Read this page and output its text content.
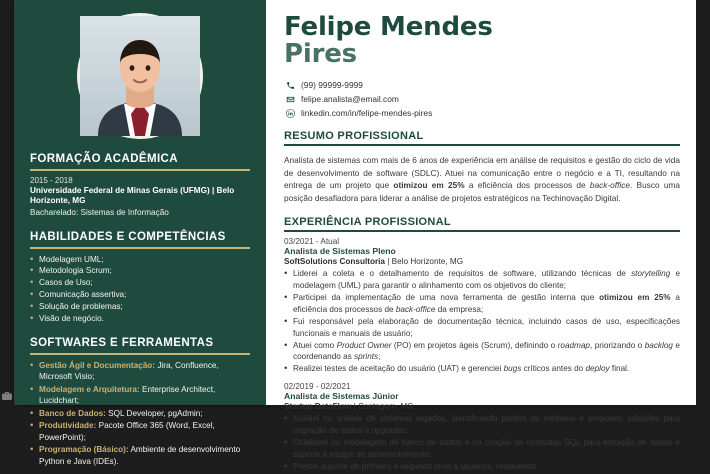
FORMAÇÃO ACADÊMICA
2015 - 2018
Universidade Federal de Minas Gerais (UFMG) | Belo Horizonte, MG
Bacharelado: Sistemas de Informação
HABILIDADES E COMPETÊNCIAS
• Modelagem UML;
• Metodologia Scrum;
• Casos de Uso;
• Comunicação assertiva;
• Solução de problemas;
• Visão de negócio.
SOFTWARES E FERRAMENTAS
• Gestão Ágil e Documentação: Jira, Confluence, Microsoft Visio;
• Modelagem e Arquitetura: Enterprise Architect, Lucidchart;
• Banco de Dados: SQL Developer, pgAdmin;
• Produtividade: Pacote Office 365 (Word, Excel, PowerPoint);
• Programação (Básico): Ambiente de desenvolvimento Python e Java (IDEs).
Felipe Mendes
Pires
(99) 99999-9999
felipe.analista@email.com
linkedin.com/in/felipe-mendes-pires
RESUMO PROFISSIONAL

Analista de sistemas com mais de 6 anos de experiência em análise de requisitos e gestão do ciclo de vida de desenvolvimento de software (SDLC). Atuei na comunicação entre o negócio e a TI, resultando na entrega de um projeto que otimizou em 25% a eficiência dos processos de back-office. Busco uma posição desafiadora para liderar a análise de projetos estratégicos na Techinovação Digital.

EXPERIÊNCIA PROFISSIONAL
03/2021 - Atual
Analista de Sistemas Pleno
SoftSolutions Consultoria | Belo Horizonte, MG
• Liderei a coleta e o detalhamento de requisitos de software, utilizando técnicas de storytelling e modelagem (UML) para garantir o alinhamento com os objetivos do cliente;
• Participei da implementação de uma nova ferramenta de gestão interna que otimizou em 25% a eficiência dos processos de back-office da empresa;
• Fui responsável pela elaboração de documentação técnica, incluindo casos de uso, especificações funcionais e manuais de usuário;
• Atuei como Product Owner (PO) em projetos ágeis (Scrum), definindo o roadmap, priorizando o backlog e coordenando as sprints;
• Realizei testes de aceitação do usuário (UAT) e gerenciei bugs críticos antes do deploy final.
02/2019 - 02/2021
Analista de Sistemas Júnior
Startup DataFlow | Contagem, MG
• Auxiliei na análise de sistemas legados, identificando pontos de melhoria e propondo soluções para migração de dados e upgrades;
• Colaborei na modelagem de banco de dados e na criação de consultas SQL para extração de dados e suporte à equipe de desenvolvimento;
• Prestei suporte de primeiro e segundo nível a usuários, resolvendo
